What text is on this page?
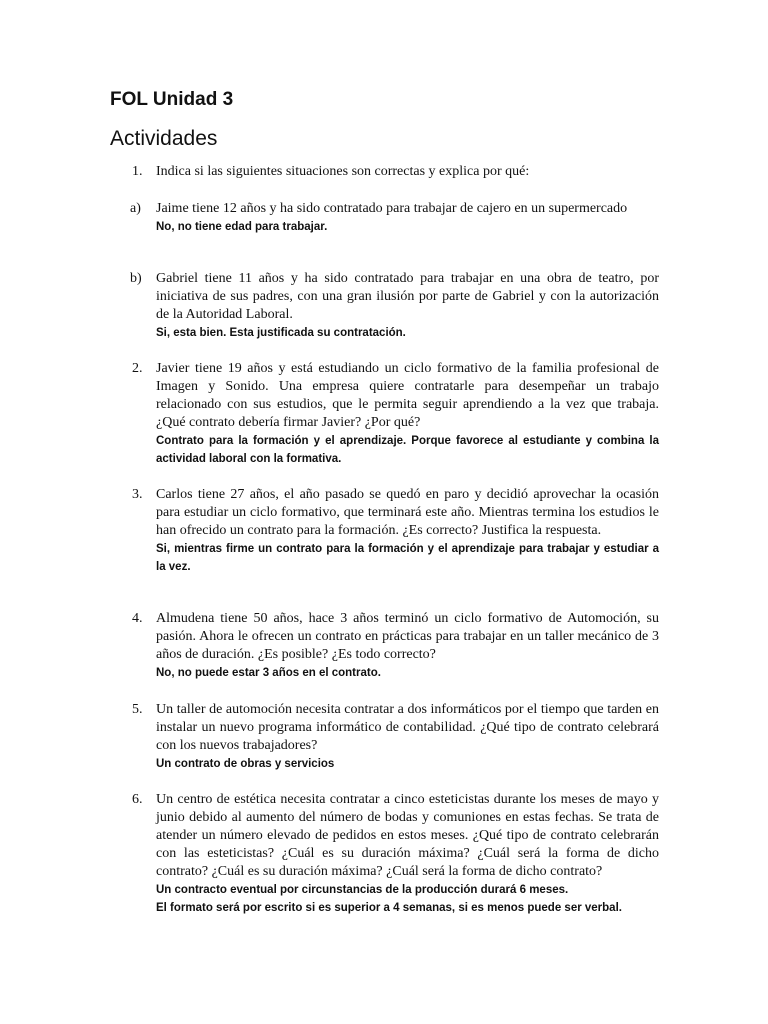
FOL Unidad 3
Actividades
1. Indica si las siguientes situaciones son correctas y explica por qué:
a) Jaime tiene 12 años y ha sido contratado para trabajar de cajero en un supermercado
No, no tiene edad para trabajar.
b) Gabriel tiene 11 años y ha sido contratado para trabajar en una obra de teatro, por iniciativa de sus padres, con una gran ilusión por parte de Gabriel y con la autorización de la Autoridad Laboral.
Si, esta bien. Esta justificada su contratación.
2. Javier tiene 19 años y está estudiando un ciclo formativo de la familia profesional de Imagen y Sonido. Una empresa quiere contratarle para desempeñar un trabajo relacionado con sus estudios, que le permita seguir aprendiendo a la vez que trabaja. ¿Qué contrato debería firmar Javier? ¿Por qué?
Contrato para la formación y el aprendizaje. Porque favorece al estudiante y combina la actividad laboral con la formativa.
3. Carlos tiene 27 años, el año pasado se quedó en paro y decidió aprovechar la ocasión para estudiar un ciclo formativo, que terminará este año. Mientras termina los estudios le han ofrecido un contrato para la formación. ¿Es correcto? Justifica la respuesta.
Si, mientras firme un contrato para la formación y el aprendizaje para trabajar y estudiar a la vez.
4. Almudena tiene 50 años, hace 3 años terminó un ciclo formativo de Automoción, su pasión. Ahora le ofrecen un contrato en prácticas para trabajar en un taller mecánico de 3 años de duración. ¿Es posible? ¿Es todo correcto?
No, no puede estar 3 años en el contrato.
5. Un taller de automoción necesita contratar a dos informáticos por el tiempo que tarden en instalar un nuevo programa informático de contabilidad. ¿Qué tipo de contrato celebrará con los nuevos trabajadores?
Un contrato de obras y servicios
6. Un centro de estética necesita contratar a cinco esteticistas durante los meses de mayo y junio debido al aumento del número de bodas y comuniones en estas fechas. Se trata de atender un número elevado de pedidos en estos meses. ¿Qué tipo de contrato celebrarán con las esteticistas? ¿Cuál es su duración máxima? ¿Cuál será la forma de dicho contrato? ¿Cuál es su duración máxima? ¿Cuál será la forma de dicho contrato?
Un contracto eventual por circunstancias de la producción durará 6 meses.
El formato será por escrito si es superior a 4 semanas, si es menos puede ser verbal.
